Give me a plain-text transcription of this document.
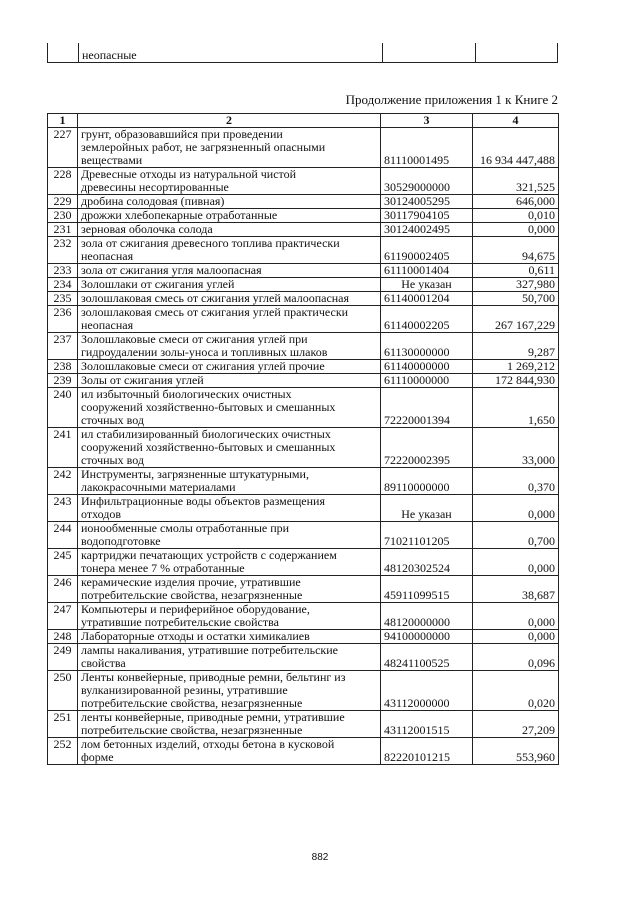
	неопасные		
Продолжение приложения 1 к Книге 2
1	2	3	4
227	грунт, образовавшийся при проведении
землеройных работ, не загрязненный опасными
веществами	81110001495	16 934 447,488
228	Древесные отходы из натуральной чистой
древесины несортированные	30529000000	321,525
229	дробина солодовая (пивная)	30124005295	646,000
230	дрожжи хлебопекарные отработанные	30117904105	0,010
231	зерновая оболочка солода	30124002495	0,000
232	зола от сжигания древесного топлива практически
неопасная	61190002405	94,675
233	зола от сжигания угля малоопасная	61110001404	0,611
234	Золошлаки от сжигания углей	Не указан	327,980
235	золошлаковая смесь от сжигания углей малоопасная	61140001204	50,700
236	золошлаковая смесь от сжигания углей практически
неопасная	61140002205	267 167,229
237	Золошлаковые смеси от сжигания углей при
гидроудалении золы-уноса и топливных шлаков	61130000000	9,287
238	Золошлаковые смеси от сжигания углей прочие	61140000000	1 269,212
239	Золы от сжигания углей	61110000000	172 844,930
240	ил избыточный биологических очистных
сооружений хозяйственно-бытовых и смешанных
сточных вод	72220001394	1,650
241	ил стабилизированный биологических очистных
сооружений хозяйственно-бытовых и смешанных
сточных вод	72220002395	33,000
242	Инструменты, загрязненные штукатурными,
лакокрасочными материалами	89110000000	0,370
243	Инфильтрационные воды объектов размещения
отходов	Не указан	0,000
244	ионообменные смолы отработанные при
водоподготовке	71021101205	0,700
245	картриджи печатающих устройств с содержанием
тонера менее 7 % отработанные	48120302524	0,000
246	керамические изделия прочие, утратившие
потребительские свойства, незагрязненные	45911099515	38,687
247	Компьютеры и периферийное оборудование,
утратившие потребительские свойства	48120000000	0,000
248	Лабораторные отходы и остатки химикалиев	94100000000	0,000
249	лампы накаливания, утратившие потребительские
свойства	48241100525	0,096
250	Ленты конвейерные, приводные ремни, бельтинг из
вулканизированной резины, утратившие
потребительские свойства, незагрязненные	43112000000	0,020
251	ленты конвейерные, приводные ремни, утратившие
потребительские свойства, незагрязненные	43112001515	27,209
252	лом бетонных изделий, отходы бетона в кусковой
форме	82220101215	553,960
882
